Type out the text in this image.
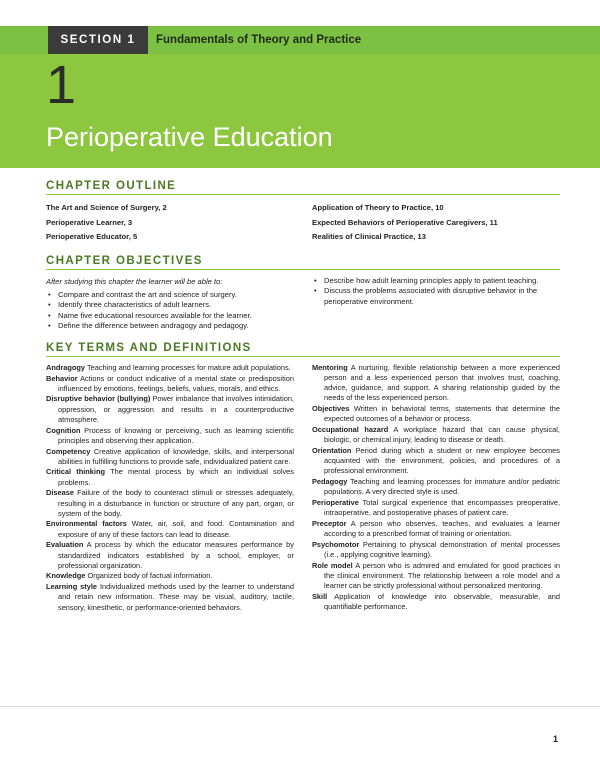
SECTION 1	Fundamentals of Theory and Practice
1
Perioperative Education
CHAPTER OUTLINE
The Art and Science of Surgery, 2
Perioperative Learner, 3
Perioperative Educator, 5
Application of Theory to Practice, 10
Expected Behaviors of Perioperative Caregivers, 11
Realities of Clinical Practice, 13
CHAPTER OBJECTIVES
After studying this chapter the learner will be able to:
• Compare and contrast the art and science of surgery.
• Identify three characteristics of adult learners.
• Name five educational resources available for the learner.
• Define the difference between andragogy and pedagogy.
• Describe how adult learning principles apply to patient teaching.
• Discuss the problems associated with disruptive behavior in the perioperative environment.
KEY TERMS AND DEFINITIONS
Andragogy Teaching and learning processes for mature adult populations.
Behavior Actions or conduct indicative of a mental state or predisposition influenced by emotions, feelings, beliefs, values, morals, and ethics.
Disruptive behavior (bullying) Power imbalance that involves intimidation, oppression, or aggression and results in a counterproductive atmosphere.
Cognition Process of knowing or perceiving, such as learning scientific principles and observing their application.
Competency Creative application of knowledge, skills, and interpersonal abilities in fulfilling functions to provide safe, individualized patient care.
Critical thinking The mental process by which an individual solves problems.
Disease Failure of the body to counteract stimuli or stresses adequately, resulting in a disturbance in function or structure of any part, organ, or system of the body.
Environmental factors Water, air, soil, and food. Contamination and exposure of any of these factors can lead to disease.
Evaluation A process by which the educator measures performance by standardized indicators established by a school, employer, or professional organization.
Knowledge Organized body of factual information.
Learning style Individualized methods used by the learner to understand and retain new information. These may be visual, auditory, tactile, sensory, kinesthetic, or performance-oriented behaviors.
Mentoring A nurturing, flexible relationship between a more experienced person and a less experienced person that involves trust, coaching, advice, guidance, and support. A sharing relationship guided by the needs of the less experienced person.
Objectives Written in behavioral terms, statements that determine the expected outcomes of a behavior or process.
Occupational hazard A workplace hazard that can cause physical, biologic, or chemical injury, leading to disease or death.
Orientation Period during which a student or new employee becomes acquainted with the environment, policies, and procedures of a professional environment.
Pedagogy Teaching and learning processes for immature and/or pediatric populations. A very directed style is used.
Perioperative Total surgical experience that encompasses preoperative, intraoperative, and postoperative phases of patient care.
Preceptor A person who observes, teaches, and evaluates a learner according to a prescribed format of training or orientation.
Psychomotor Pertaining to physical demonstration of mental processes (i.e., applying cognitive learning).
Role model A person who is admired and emulated for good practices in the clinical environment. The relationship between a role model and a learner can be strictly professional without personalized mentoring.
Skill Application of knowledge into observable, measurable, and quantifiable performance.
1
